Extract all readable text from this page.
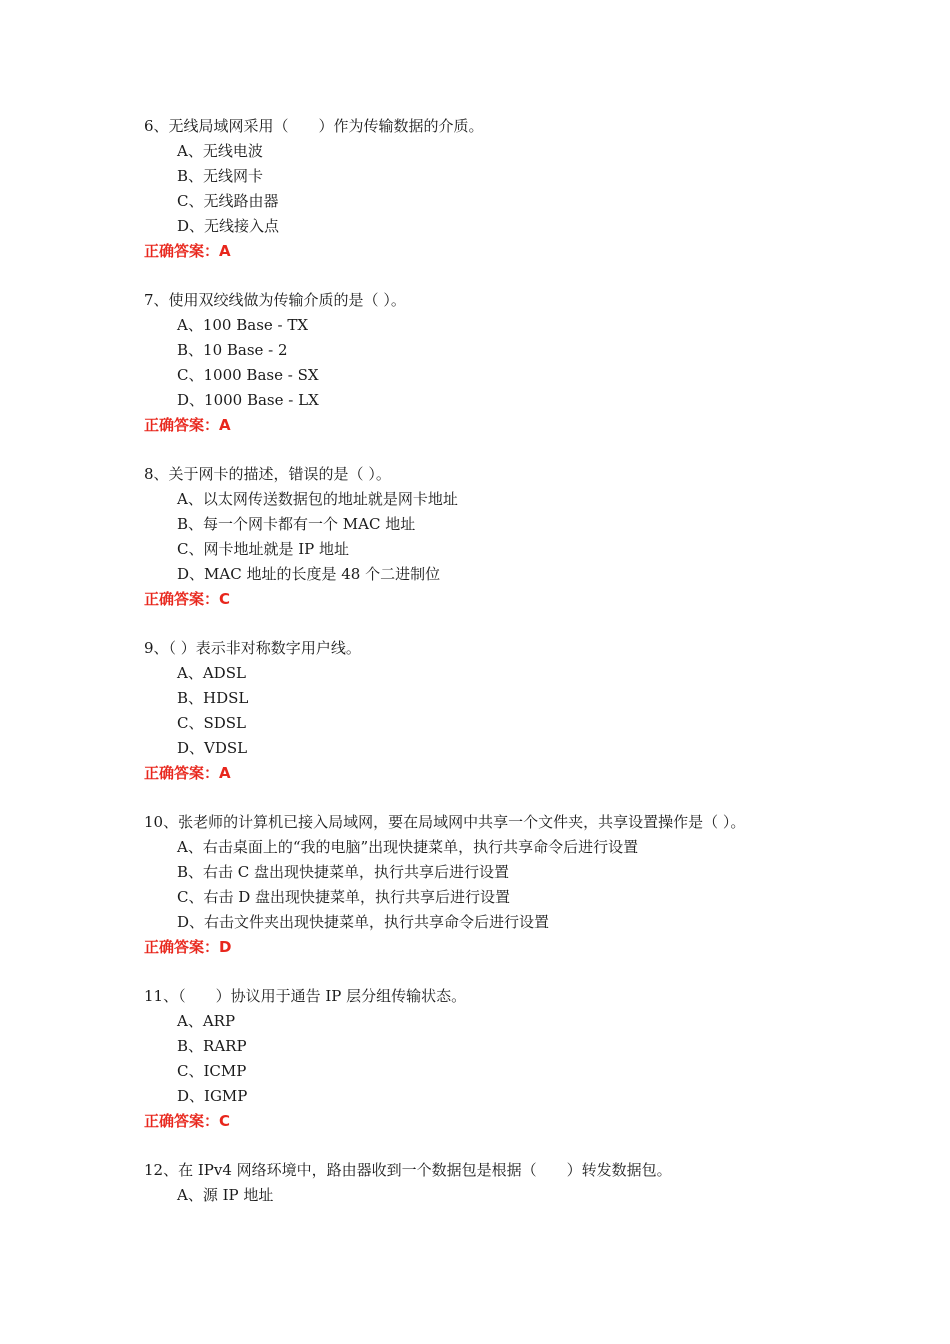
6、无线局域网采用（　　）作为传输数据的介质。
A、无线电波
B、无线网卡
C、无线路由器
D、无线接入点
正确答案：A
7、使用双绞线做为传输介质的是（ ）。
A、100 Base - TX
B、10 Base - 2
C、1000 Base - SX
D、1000 Base - LX
正确答案：A
8、关于网卡的描述，错误的是（ ）。
A、以太网传送数据包的地址就是网卡地址
B、每一个网卡都有一个 MAC 地址
C、网卡地址就是 IP 地址
D、MAC 地址的长度是 48 个二进制位
正确答案：C
9、（ ）表示非对称数字用户线。
A、ADSL
B、HDSL
C、SDSL
D、VDSL
正确答案：A
10、张老师的计算机已接入局域网，要在局域网中共享一个文件夹，共享设置操作是（ ）。
A、右击桌面上的“我的电脑”出现快捷菜单，执行共享命令后进行设置
B、右击 C 盘出现快捷菜单，执行共享后进行设置
C、右击 D 盘出现快捷菜单，执行共享后进行设置
D、右击文件夹出现快捷菜单，执行共享命令后进行设置
正确答案：D
11、（　　）协议用于通告 IP 层分组传输状态。
A、ARP
B、RARP
C、ICMP
D、IGMP
正确答案：C
12、在 IPv4 网络环境中，路由器收到一个数据包是根据（　　）转发数据包。
A、源 IP 地址
